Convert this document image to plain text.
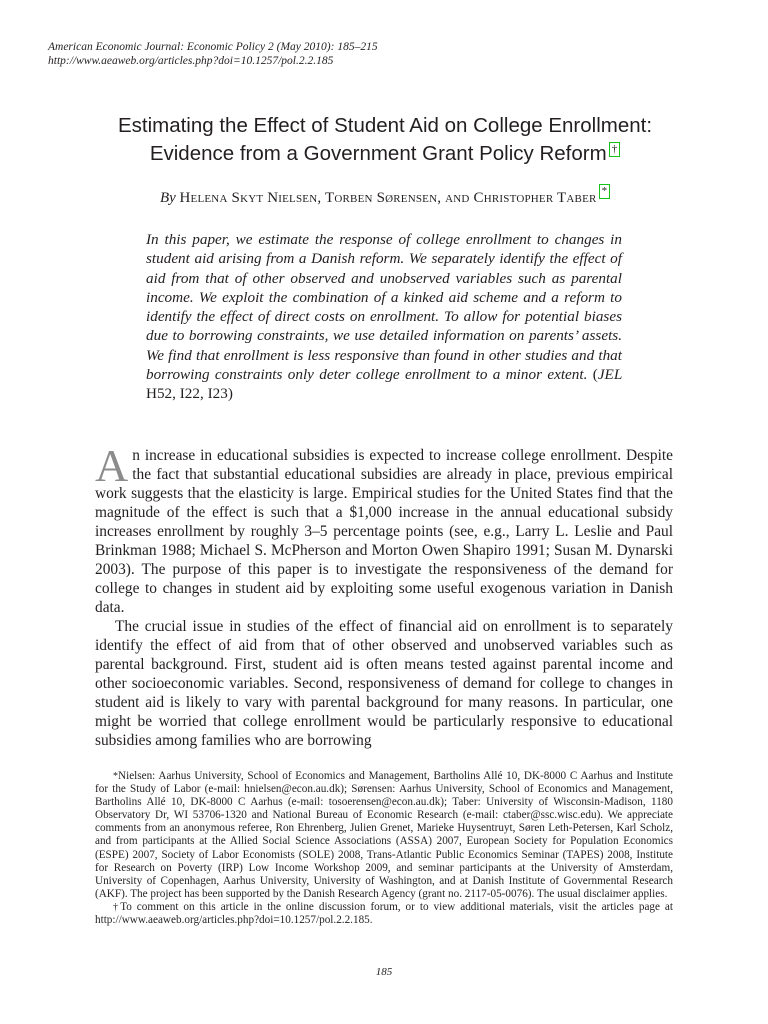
American Economic Journal: Economic Policy 2 (May 2010): 185–215
http://www.aeaweb.org/articles.php?doi=10.1257/pol.2.2.185
Estimating the Effect of Student Aid on College Enrollment:
Evidence from a Government Grant Policy Reform †
By Helena Skyt Nielsen, Torben Sørensen, and Christopher Taber *
In this paper, we estimate the response of college enrollment to changes in student aid arising from a Danish reform. We separately identify the effect of aid from that of other observed and unobserved variables such as parental income. We exploit the combination of a kinked aid scheme and a reform to identify the effect of direct costs on enrollment. To allow for potential biases due to borrowing constraints, we use detailed information on parents’ assets. We find that enrollment is less responsive than found in other studies and that borrowing constraints only deter college enrollment to a minor extent. (JEL H52, I22, I23)

An increase in educational subsidies is expected to increase college enrollment. Despite the fact that substantial educational subsidies are already in place, previous empirical work suggests that the elasticity is large. Empirical studies for the United States find that the magnitude of the effect is such that a $1,000 increase in the annual educational subsidy increases enrollment by roughly 3–5 percentage points (see, e.g., Larry L. Leslie and Paul Brinkman 1988; Michael S. McPherson and Morton Owen Shapiro 1991; Susan M. Dynarski 2003). The purpose of this paper is to investigate the responsiveness of the demand for college to changes in student aid by exploiting some useful exogenous variation in Danish data.

The crucial issue in studies of the effect of financial aid on enrollment is to separately identify the effect of aid from that of other observed and unobserved variables such as parental background. First, student aid is often means tested against parental income and other socioeconomic variables. Second, responsiveness of demand for college to changes in student aid is likely to vary with parental background for many reasons. In particular, one might be worried that college enrollment would be particularly responsive to educational subsidies among families who are borrowing

*Nielsen: Aarhus University, School of Economics and Management, Bartholins Allé 10, DK-8000 C Aarhus and Institute for the Study of Labor (e-mail: hnielsen@econ.au.dk); Sørensen: Aarhus University, School of Economics and Management, Bartholins Allé 10, DK-8000 C Aarhus (e-mail: tosoerensen@econ.au.dk); Taber: University of Wisconsin-Madison, 1180 Observatory Dr, WI 53706-1320 and National Bureau of Economic Research (e-mail: ctaber@ssc.wisc.edu). We appreciate comments from an anonymous referee, Ron Ehrenberg, Julien Grenet, Marieke Huysentruyt, Søren Leth-Petersen, Karl Scholz, and from participants at the Allied Social Science Associations (ASSA) 2007, European Society for Population Economics (ESPE) 2007, Society of Labor Economists (SOLE) 2008, Trans-Atlantic Public Economics Seminar (TAPES) 2008, Institute for Research on Poverty (IRP) Low Income Workshop 2009, and seminar participants at the University of Amsterdam, University of Copenhagen, Aarhus University, University of Washington, and at Danish Institute of Governmental Research (AKF). The project has been supported by the Danish Research Agency (grant no. 2117-05-0076). The usual disclaimer applies.

†To comment on this article in the online discussion forum, or to view additional materials, visit the articles page at http://www.aeaweb.org/articles.php?doi=10.1257/pol.2.2.185.

185
